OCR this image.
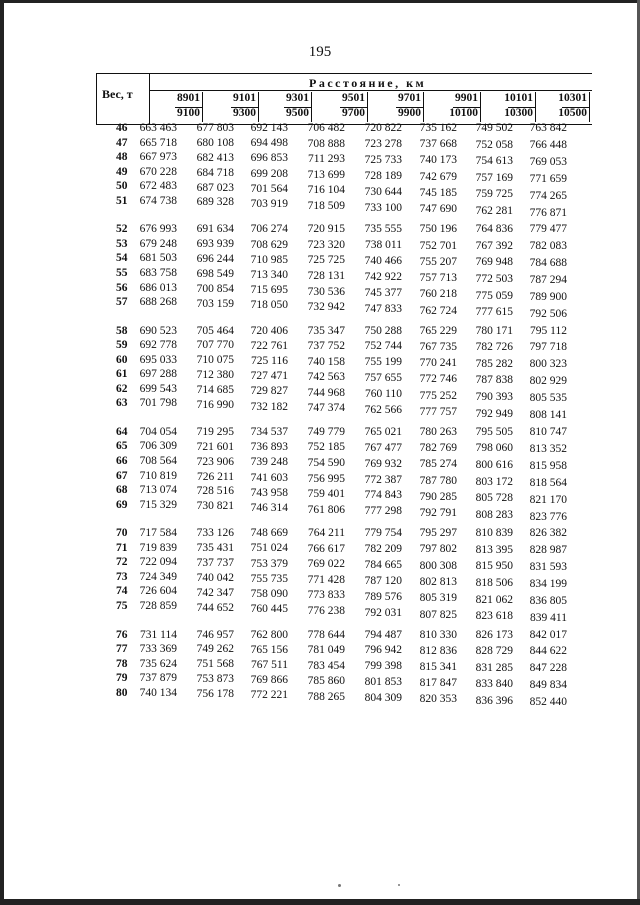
195
Вес, т
Расстояние, км
8901
9100
9101
9300
9301
9500
9501
9700
9701
9900
9901
10100
10101
10300
10301
10500
46 663 463 677 803 692 143 706 482 720 822 735 162 749 502 763 842
47 665 718 680 108 694 498 708 888 723 278 737 668 752 058 766 448
48 667 973 682 413 696 853 711 293 725 733 740 173 754 613 769 053
49 670 228 684 718 699 208 713 699 728 189 742 679 757 169 771 659
50 672 483 687 023 701 564 716 104 730 644 745 185 759 725 774 265
51 674 738 689 328 703 919 718 509 733 100 747 690 762 281 776 871
52 676 993 691 634 706 274 720 915 735 555 750 196 764 836 779 477
53 679 248 693 939 708 629 723 320 738 011 752 701 767 392 782 083
54 681 503 696 244 710 985 725 725 740 466 755 207 769 948 784 688
55 683 758 698 549 713 340 728 131 742 922 757 713 772 503 787 294
56 686 013 700 854 715 695 730 536 745 377 760 218 775 059 789 900
57 688 268 703 159 718 050 732 942 747 833 762 724 777 615 792 506
58 690 523 705 464 720 406 735 347 750 288 765 229 780 171 795 112
59 692 778 707 770 722 761 737 752 752 744 767 735 782 726 797 718
60 695 033 710 075 725 116 740 158 755 199 770 241 785 282 800 323
61 697 288 712 380 727 471 742 563 757 655 772 746 787 838 802 929
62 699 543 714 685 729 827 744 968 760 110 775 252 790 393 805 535
63 701 798 716 990 732 182 747 374 762 566 777 757 792 949 808 141
64 704 054 719 295 734 537 749 779 765 021 780 263 795 505 810 747
65 706 309 721 601 736 893 752 185 767 477 782 769 798 060 813 352
66 708 564 723 906 739 248 754 590 769 932 785 274 800 616 815 958
67 710 819 726 211 741 603 756 995 772 387 787 780 803 172 818 564
68 713 074 728 516 743 958 759 401 774 843 790 285 805 728 821 170
69 715 329 730 821 746 314 761 806 777 298 792 791 808 283 823 776
70 717 584 733 126 748 669 764 211 779 754 795 297 810 839 826 382
71 719 839 735 431 751 024 766 617 782 209 797 802 813 395 828 987
72 722 094 737 737 753 379 769 022 784 665 800 308 815 950 831 593
73 724 349 740 042 755 735 771 428 787 120 802 813 818 506 834 199
74 726 604 742 347 758 090 773 833 789 576 805 319 821 062 836 805
75 728 859 744 652 760 445 776 238 792 031 807 825 823 618 839 411
76 731 114 746 957 762 800 778 644 794 487 810 330 826 173 842 017
77 733 369 749 262 765 156 781 049 796 942 812 836 828 729 844 622
78 735 624 751 568 767 511 783 454 799 398 815 341 831 285 847 228
79 737 879 753 873 769 866 785 860 801 853 817 847 833 840 849 834
80 740 134 756 178 772 221 788 265 804 309 820 353 836 396 852 440
